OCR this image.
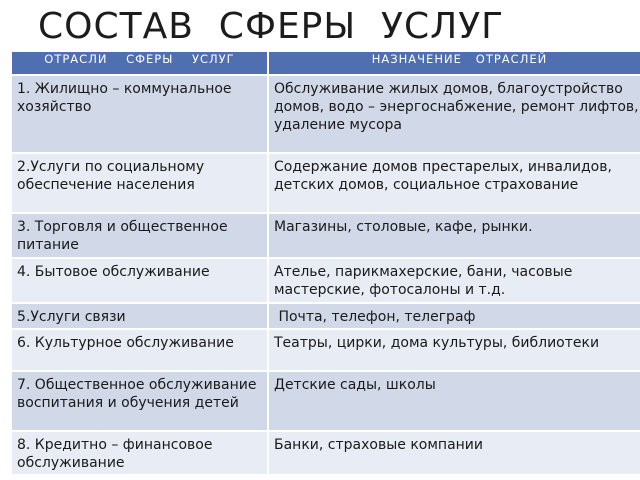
СОСТАВ  СФЕРЫ  УСЛУГ
ОТРАСЛИ    СФЕРЫ    УСЛУГ	НАЗНАЧЕНИЕ   ОТРАСЛЕЙ
1. Жилищно – коммунальное хозяйство	Обслуживание жилых домов, благоустройство домов, водо – энергоснабжение, ремонт лифтов, удаление мусора
2.Услуги по социальному обеспечение населения	Содержание домов престарелых, инвалидов, детских домов, социальное страхование
3. Торговля и общественное питание	Магазины, столовые, кафе, рынки.
4. Бытовое обслуживание	Ателье, парикмахерские, бани, часовые мастерские, фотосалоны и т.д.
5.Услуги связи	Почта, телефон, телеграф
6. Культурное обслуживание	Театры, цирки, дома культуры, библиотеки
7. Общественное обслуживание воспитания и обучения детей	Детские сады, школы
8. Кредитно – финансовое обслуживание	Банки, страховые компании
